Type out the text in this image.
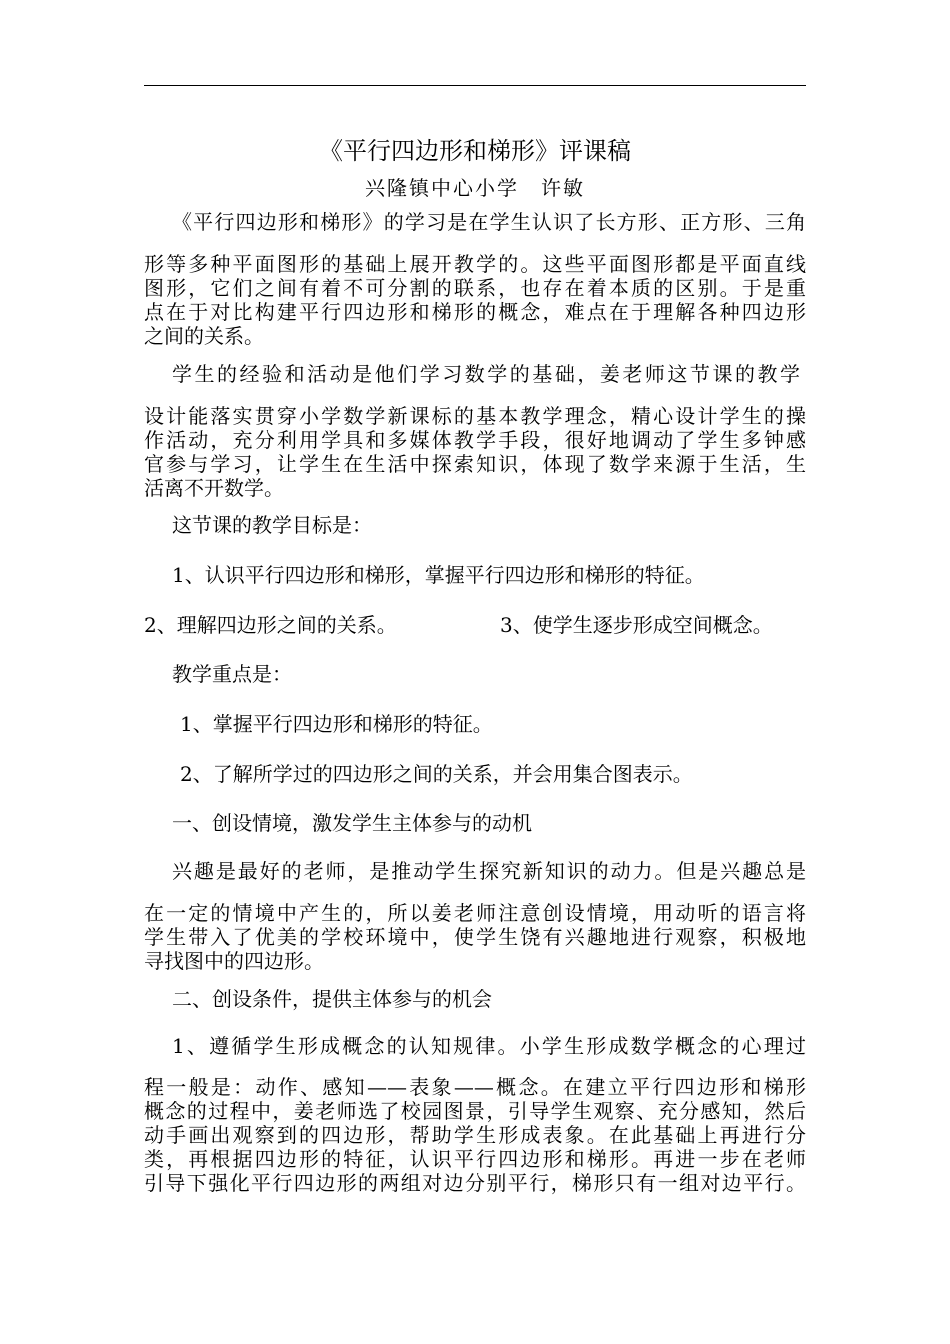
《平行四边形和梯形》评课稿
兴隆镇中心小学　许敏
《平行四边形和梯形》的学习是在学生认识了长方形、正方形、三角
形等多种平面图形的基础上展开教学的。这些平面图形都是平面直线
图形，它们之间有着不可分割的联系，也存在着本质的区别。于是重
点在于对比构建平行四边形和梯形的概念，难点在于理解各种四边形
之间的关系。
学生的经验和活动是他们学习数学的基础，姜老师这节课的教学
设计能落实贯穿小学数学新课标的基本教学理念，精心设计学生的操
作活动，充分利用学具和多媒体教学手段，很好地调动了学生多钟感
官参与学习，让学生在生活中探索知识，体现了数学来源于生活，生
活离不开数学。
这节课的教学目标是：
1、认识平行四边形和梯形，掌握平行四边形和梯形的特征。
2、理解四边形之间的关系。	3、使学生逐步形成空间概念。
教学重点是：
1、掌握平行四边形和梯形的特征。
2、了解所学过的四边形之间的关系，并会用集合图表示。
一、创设情境，激发学生主体参与的动机
兴趣是最好的老师，是推动学生探究新知识的动力。但是兴趣总是
在一定的情境中产生的，所以姜老师注意创设情境，用动听的语言将
学生带入了优美的学校环境中，使学生饶有兴趣地进行观察，积极地
寻找图中的四边形。
二、创设条件，提供主体参与的机会
1、遵循学生形成概念的认知规律。小学生形成数学概念的心理过
程一般是：动作、感知——表象——概念。在建立平行四边形和梯形
概念的过程中，姜老师选了校园图景，引导学生观察、充分感知，然后
动手画出观察到的四边形，帮助学生形成表象。在此基础上再进行分
类，再根据四边形的特征，认识平行四边形和梯形。再进一步在老师
引导下强化平行四边形的两组对边分别平行，梯形只有一组对边平行。
